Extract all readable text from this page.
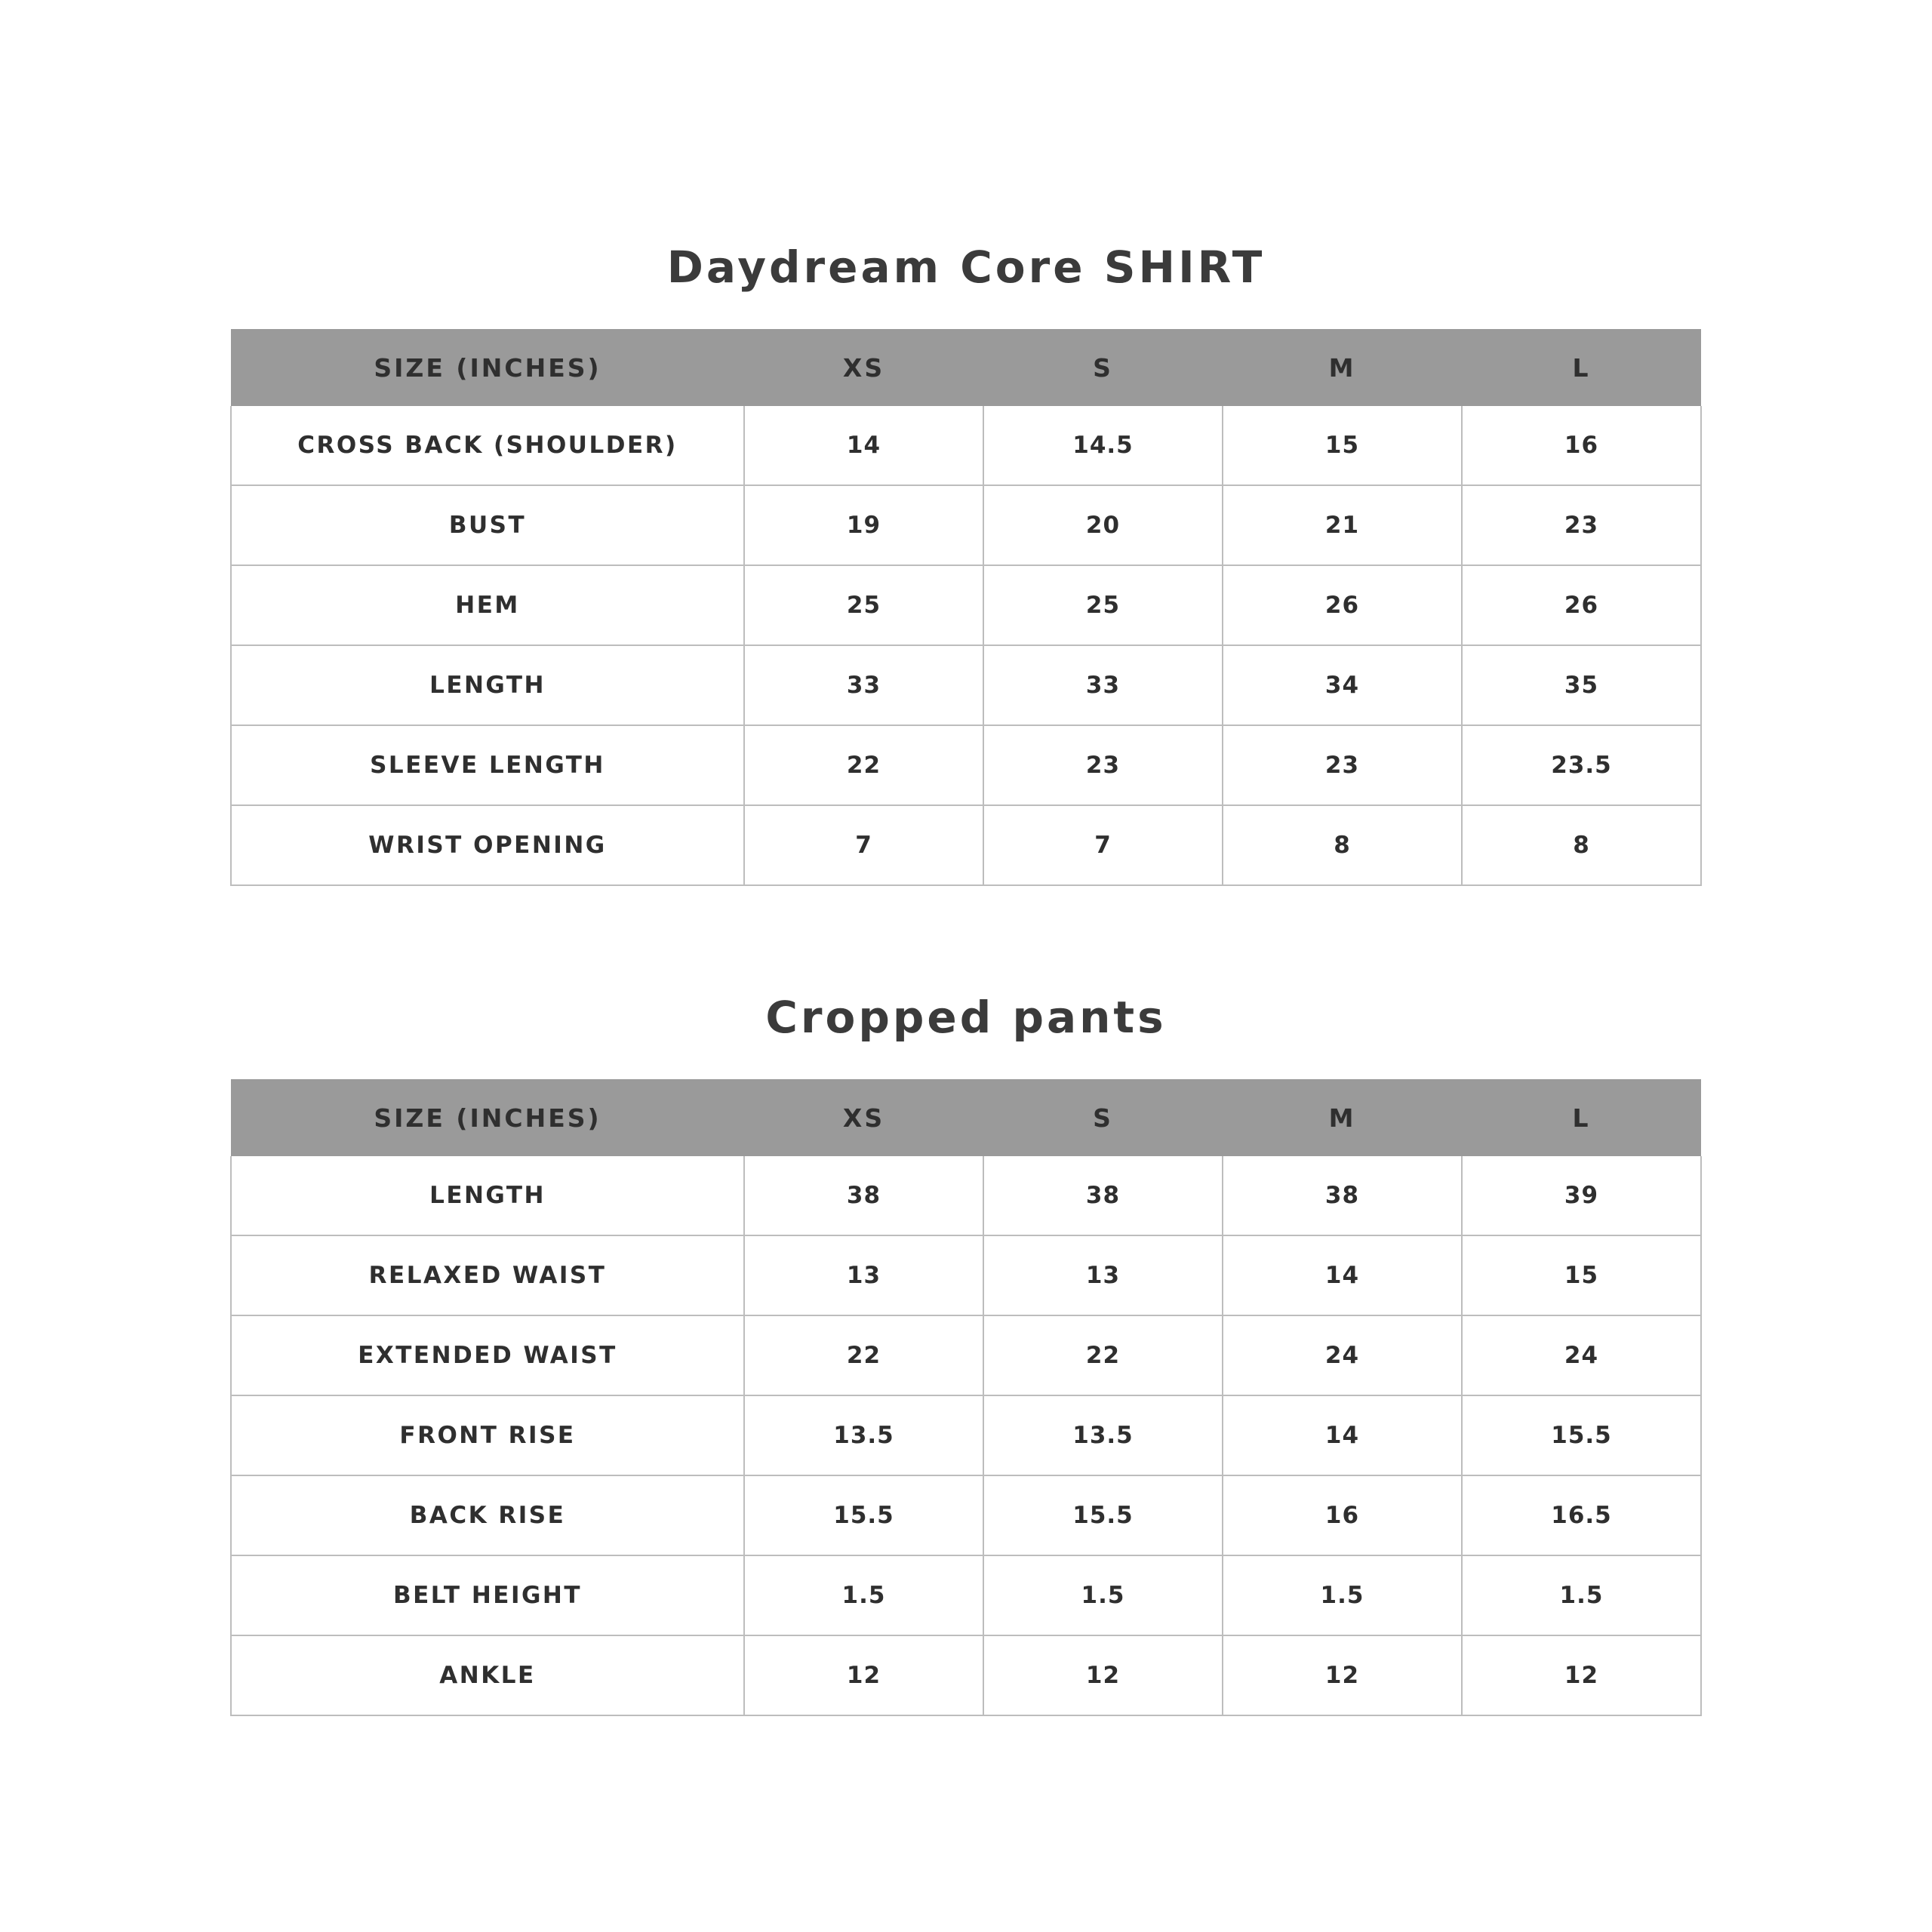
Daydream Core SHIRT
SIZE (INCHES)	XS	S	M	L
CROSS BACK (SHOULDER)	14	14.5	15	16
BUST	19	20	21	23
HEM	25	25	26	26
LENGTH	33	33	34	35
SLEEVE LENGTH	22	23	23	23.5
WRIST OPENING	7	7	8	8
Cropped pants
SIZE (INCHES)	XS	S	M	L
LENGTH	38	38	38	39
RELAXED WAIST	13	13	14	15
EXTENDED WAIST	22	22	24	24
FRONT RISE	13.5	13.5	14	15.5
BACK RISE	15.5	15.5	16	16.5
BELT HEIGHT	1.5	1.5	1.5	1.5
ANKLE	12	12	12	12
